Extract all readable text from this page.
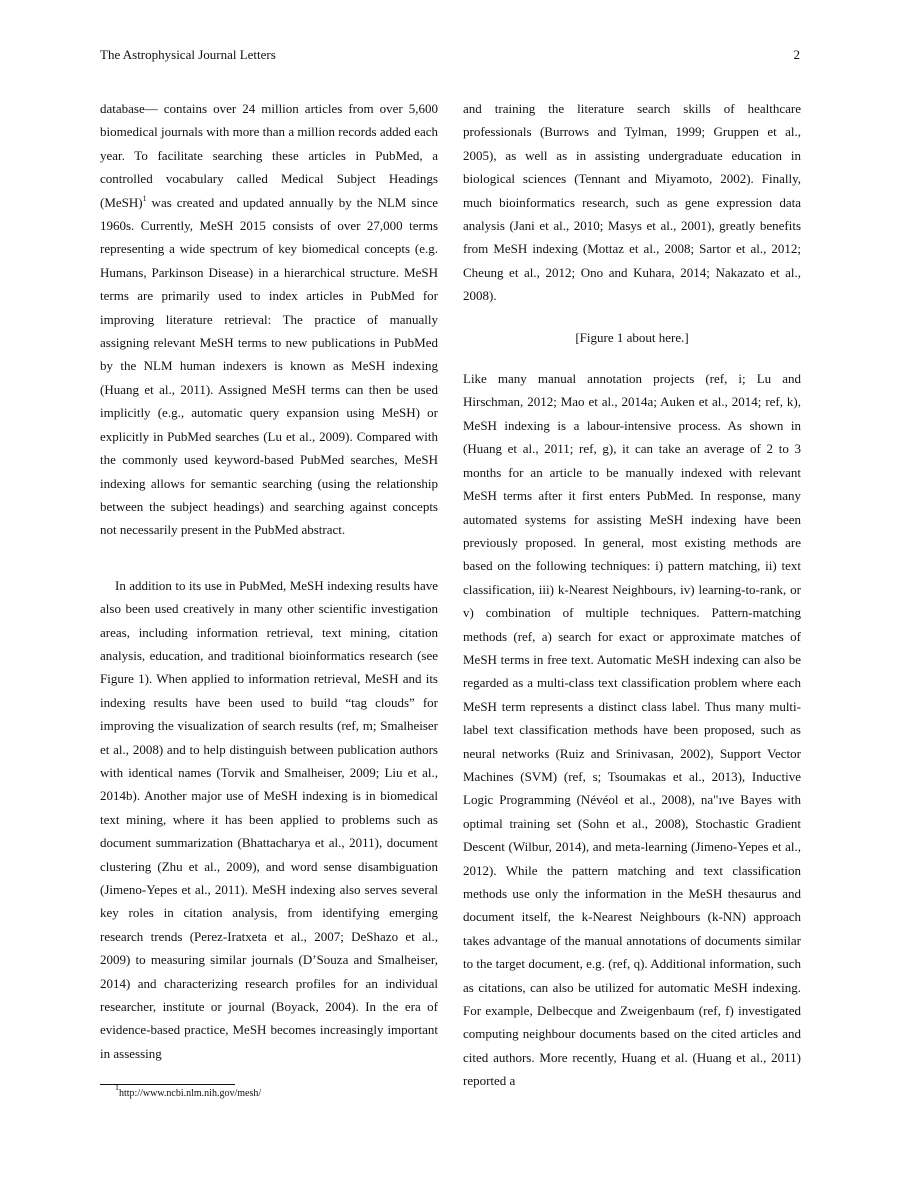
The Astrophysical Journal Letters	2

database— contains over 24 million articles from over 5,600 biomedical journals with more than a million records added each year. To facilitate searching these articles in PubMed, a controlled vocabulary called Medical Subject Headings (MeSH)$^1$ was created and updated annually by the NLM since 1960s. Currently, MeSH 2015 consists of over 27,000 terms representing a wide spectrum of key biomedical concepts (e.g. Humans, Parkinson Disease) in a hierarchical structure. MeSH terms are primarily used to index articles in PubMed for improving literature retrieval: The practice of manually assigning relevant MeSH terms to new publications in PubMed by the NLM human indexers is known as MeSH indexing (Huang et al., 2011). Assigned MeSH terms can then be used implicitly (e.g., automatic query expansion using MeSH) or explicitly in PubMed searches (Lu et al., 2009). Compared with the commonly used keyword-based PubMed searches, MeSH indexing allows for semantic searching (using the relationship between the subject headings) and searching against concepts not necessarily present in the PubMed abstract.

In addition to its use in PubMed, MeSH indexing results have also been used creatively in many other scientific investigation areas, including information retrieval, text mining, citation analysis, education, and traditional bioinformatics research (see Figure 1). When applied to information retrieval, MeSH and its indexing results have been used to build “tag clouds” for improving the visualization of search results (ref, m; Smalheiser et al., 2008) and to help distinguish between publication authors with identical names (Torvik and Smalheiser, 2009; Liu et al., 2014b). Another major use of MeSH indexing is in biomedical text mining, where it has been applied to problems such as document summarization (Bhattacharya et al., 2011), document clustering (Zhu et al., 2009), and word sense disambiguation (Jimeno-Yepes et al., 2011). MeSH indexing also serves several key roles in citation analysis, from identifying emerging research trends (Perez-Iratxeta et al., 2007; DeShazo et al., 2009) to measuring similar journals (D’Souza and Smalheiser, 2014) and characterizing research profiles for an individual researcher, institute or journal (Boyack, 2004). In the era of evidence-based practice, MeSH becomes increasingly important in assessing

and training the literature search skills of healthcare professionals (Burrows and Tylman, 1999; Gruppen et al., 2005), as well as in assisting undergraduate education in biological sciences (Tennant and Miyamoto, 2002). Finally, much bioinformatics research, such as gene expression data analysis (Jani et al., 2010; Masys et al., 2001), greatly benefits from MeSH indexing (Mottaz et al., 2008; Sartor et al., 2012; Cheung et al., 2012; Ono and Kuhara, 2014; Nakazato et al., 2008).

[Figure 1 about here.]

Like many manual annotation projects (ref, i; Lu and Hirschman, 2012; Mao et al., 2014a; Auken et al., 2014; ref, k), MeSH indexing is a labour-intensive process. As shown in (Huang et al., 2011; ref, g), it can take an average of 2 to 3 months for an article to be manually indexed with relevant MeSH terms after it first enters PubMed. In response, many automated systems for assisting MeSH indexing have been previously proposed. In general, most existing methods are based on the following techniques: i) pattern matching, ii) text classification, iii) k-Nearest Neighbours, iv) learning-to-rank, or v) combination of multiple techniques. Pattern-matching methods (ref, a) search for exact or approximate matches of MeSH terms in free text. Automatic MeSH indexing can also be regarded as a multi-class text classification problem where each MeSH term represents a distinct class label. Thus many multi-label text classification methods have been proposed, such as neural networks (Ruiz and Srinivasan, 2002), Support Vector Machines (SVM) (ref, s; Tsoumakas et al., 2013), Inductive Logic Programming (Névéol et al., 2008), na"ıve Bayes with optimal training set (Sohn et al., 2008), Stochastic Gradient Descent (Wilbur, 2014), and meta-learning (Jimeno-Yepes et al., 2012). While the pattern matching and text classification methods use only the information in the MeSH thesaurus and document itself, the k-Nearest Neighbours (k-NN) approach takes advantage of the manual annotations of documents similar to the target document, e.g. (ref, q). Additional information, such as citations, can also be utilized for automatic MeSH indexing. For example, Delbecque and Zweigenbaum (ref, f) investigated computing neighbour documents based on the cited articles and cited authors. More recently, Huang et al. (Huang et al., 2011) reported a

$^1$http://www.ncbi.nlm.nih.gov/mesh/
